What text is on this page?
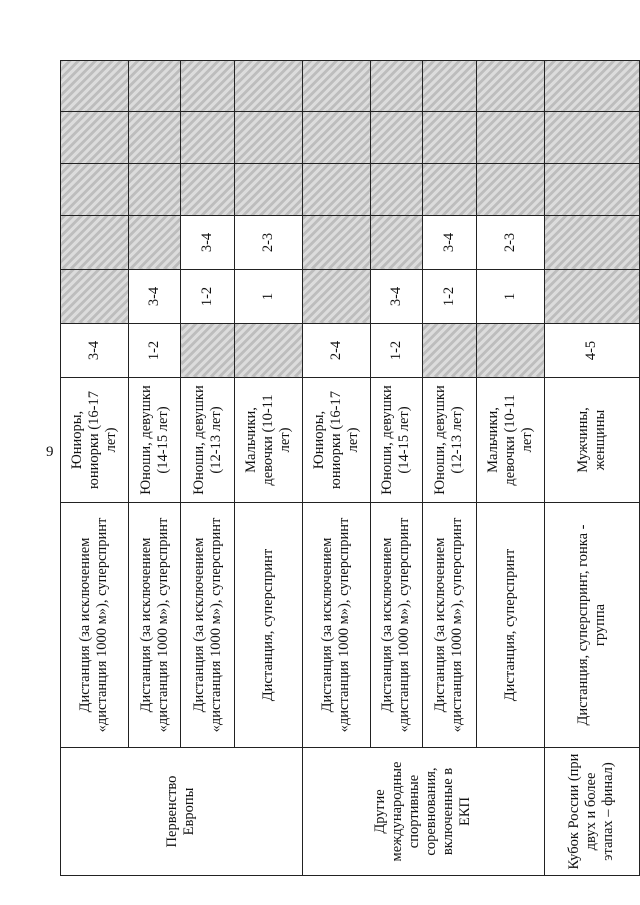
9
Первенство Европы	Дистанция (за исключением «дистанция 1000 м»), суперспринт	Юниоры, юниорки (16-17 лет)	3-4					
	Дистанция (за исключением «дистанция 1000 м»), суперспринт	Юноши, девушки (14-15 лет)	1-2	3-4				
	Дистанция (за исключением «дистанция 1000 м»), суперспринт	Юноши, девушки (12-13 лет)		1-2	3-4			
	Дистанция, суперспринт	Мальчики, девочки (10-11 лет)		1	2-3			
Другие международные спортивные соревнования, включенные в ЕКП	Дистанция (за исключением «дистанция 1000 м»), суперспринт	Юниоры, юниорки (16-17 лет)	2-4					
	Дистанция (за исключением «дистанция 1000 м»), суперспринт	Юноши, девушки (14-15 лет)	1-2	3-4				
	Дистанция (за исключением «дистанция 1000 м»), суперспринт	Юноши, девушки (12-13 лет)		1-2	3-4			
	Дистанция, суперспринт	Мальчики, девочки (10-11 лет)		1	2-3			
Кубок России (при двух и более этапах – финал)	Дистанция, суперспринт, гонка - группа	Мужчины, женщины	4-5					
